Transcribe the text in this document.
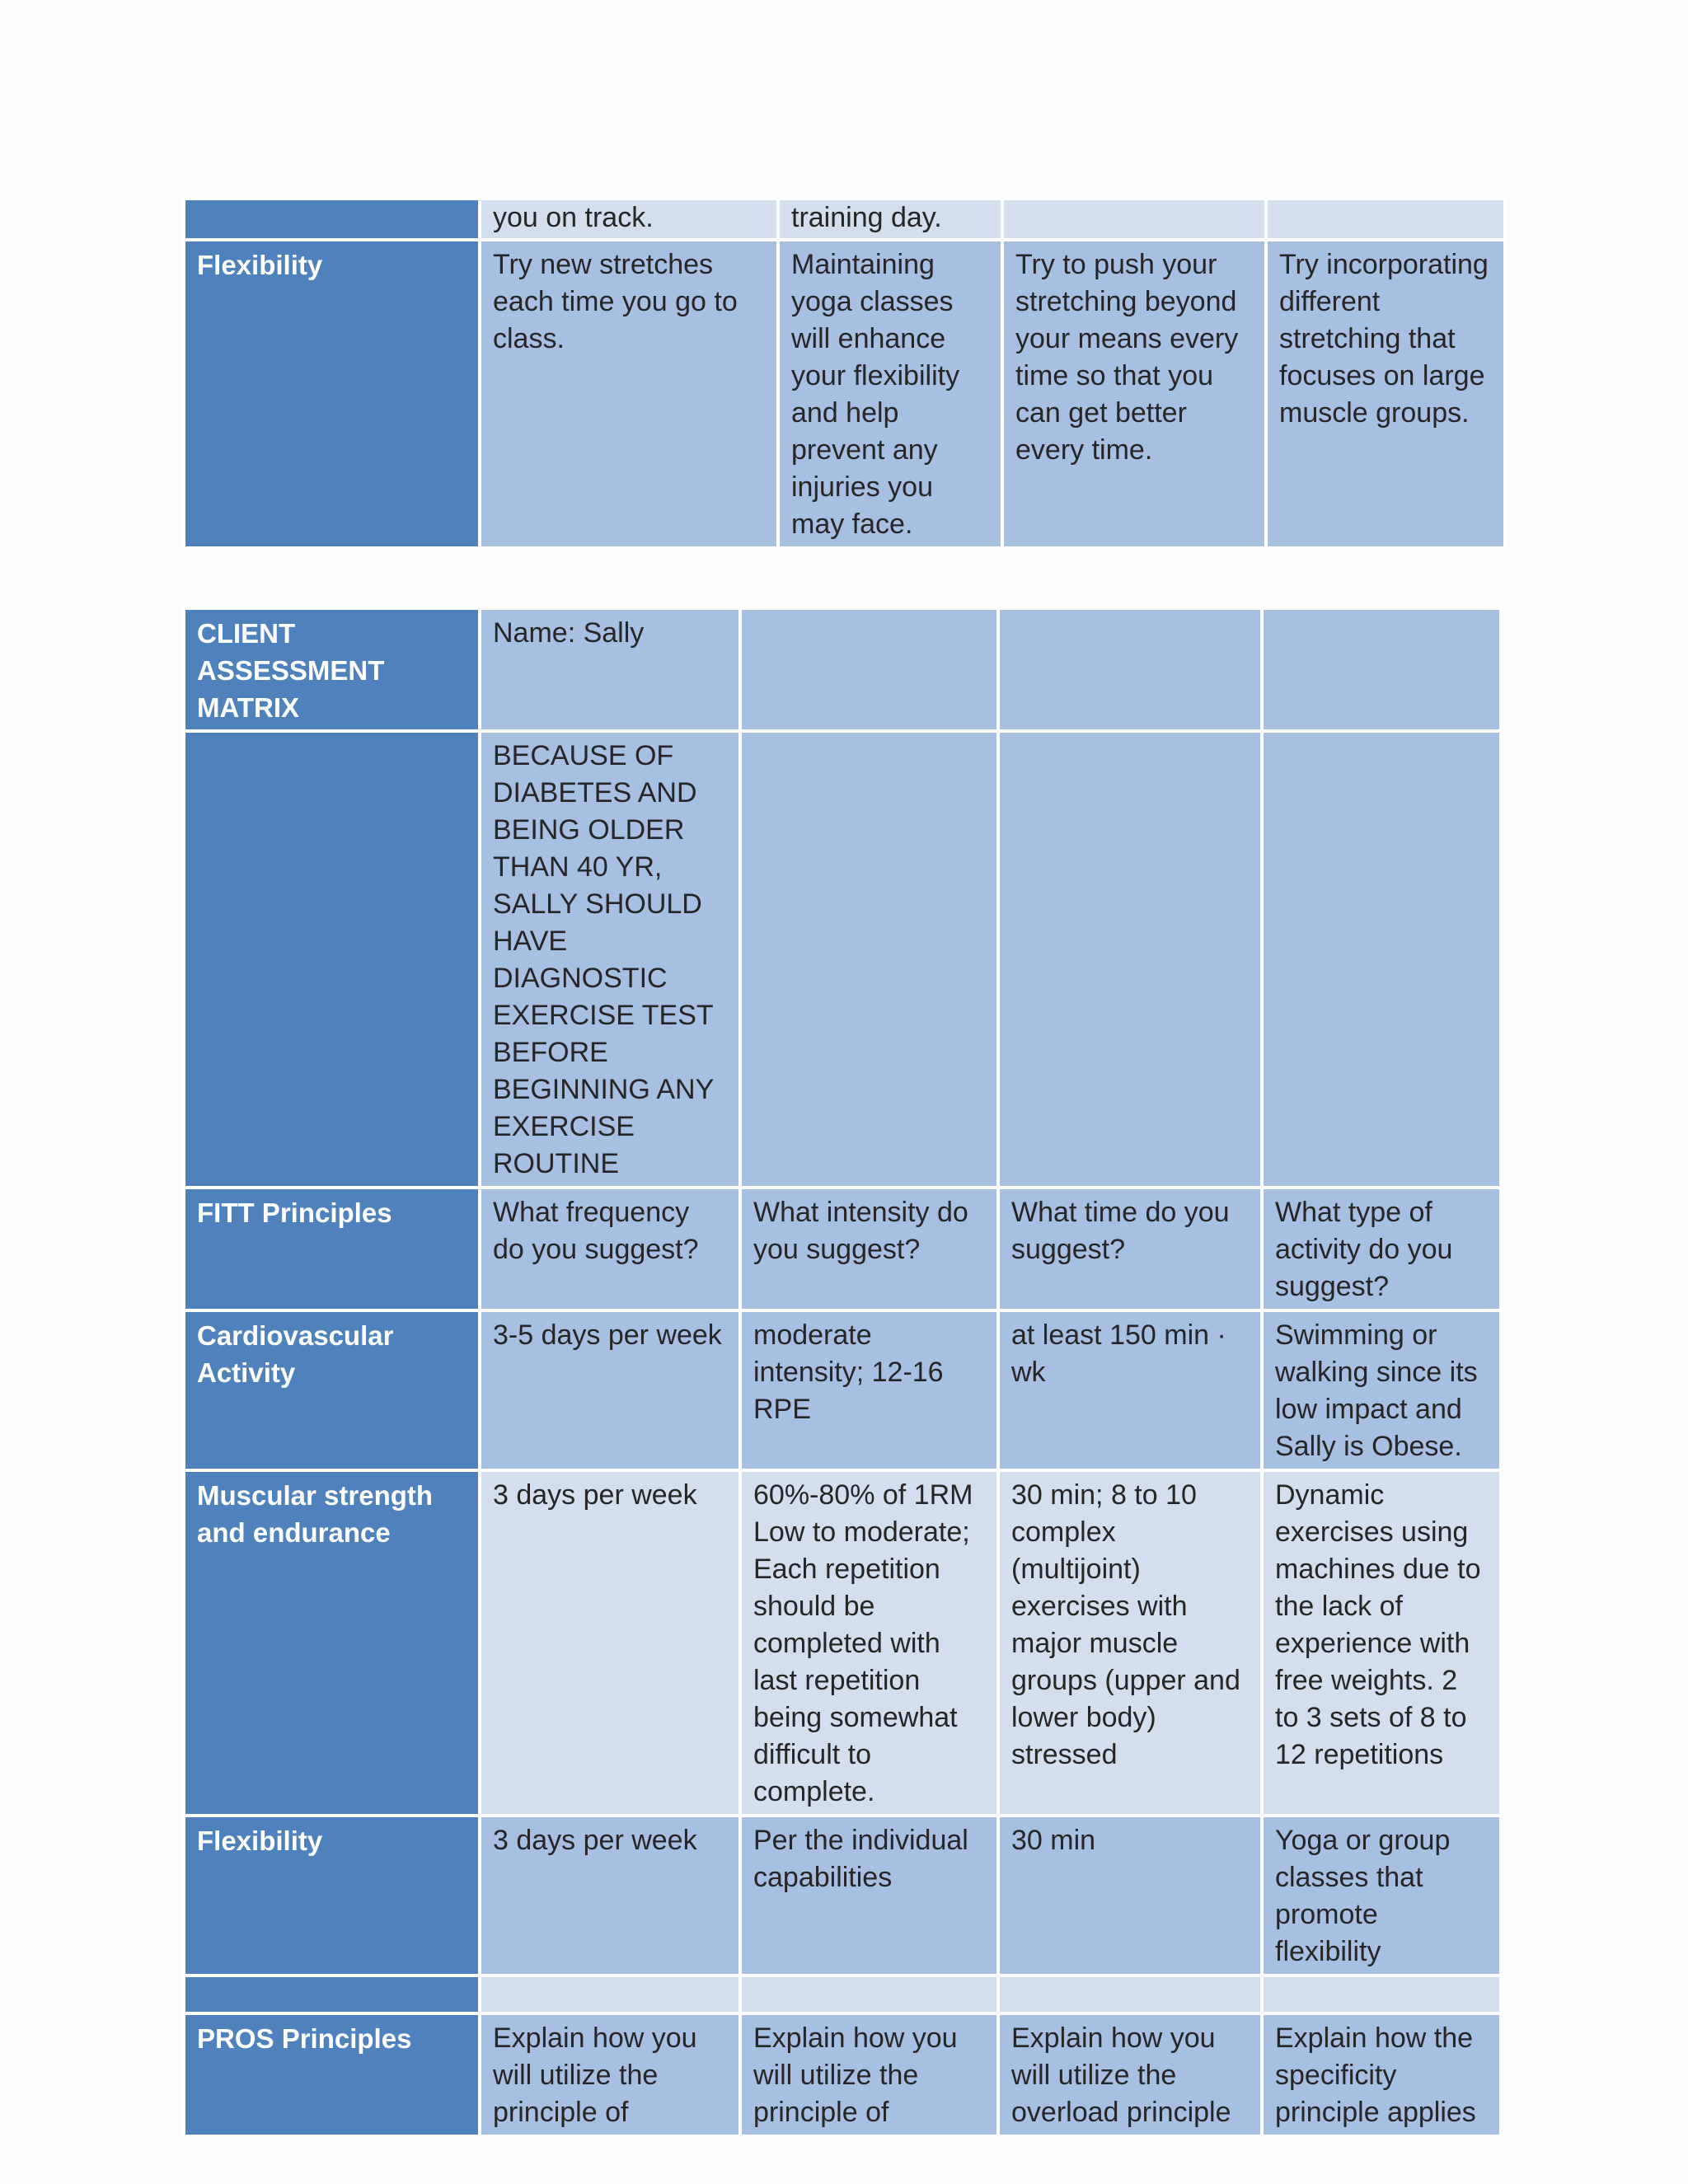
	you on track.	training day.		
Flexibility	Try new stretches each time you go to class.	Maintaining yoga classes will enhance your flexibility and help prevent any injuries you may face.	Try to push your stretching beyond your means every time so that you can get better every time.	Try incorporating different stretching that focuses on large muscle groups.
CLIENT ASSESSMENT MATRIX	Name: Sally			
	BECAUSE OF DIABETES AND BEING OLDER THAN 40 YR, SALLY SHOULD HAVE DIAGNOSTIC EXERCISE TEST BEFORE BEGINNING ANY EXERCISE ROUTINE			
FITT Principles	What frequency do you suggest?	What intensity do you suggest?	What time do you suggest?	What type of activity do you suggest?
Cardiovascular Activity	3-5 days per week	moderate intensity; 12-16 RPE	at least 150 min · wk	Swimming or walking since its low impact and Sally is Obese.
Muscular strength and endurance	3 days per week	60%-80% of 1RM Low to moderate; Each repetition should be completed with last repetition being somewhat difficult to complete.	30 min; 8 to 10 complex (multijoint) exercises with major muscle groups (upper and lower body) stressed	Dynamic exercises using machines due to the lack of experience with free weights. 2 to 3 sets of 8 to 12 repetitions
Flexibility	3 days per week	Per the individual capabilities	30 min	Yoga or group classes that promote flexibility

PROS Principles	Explain how you will utilize the principle of	Explain how you will utilize the principle of	Explain how you will utilize the overload principle	Explain how the specificity principle applies
